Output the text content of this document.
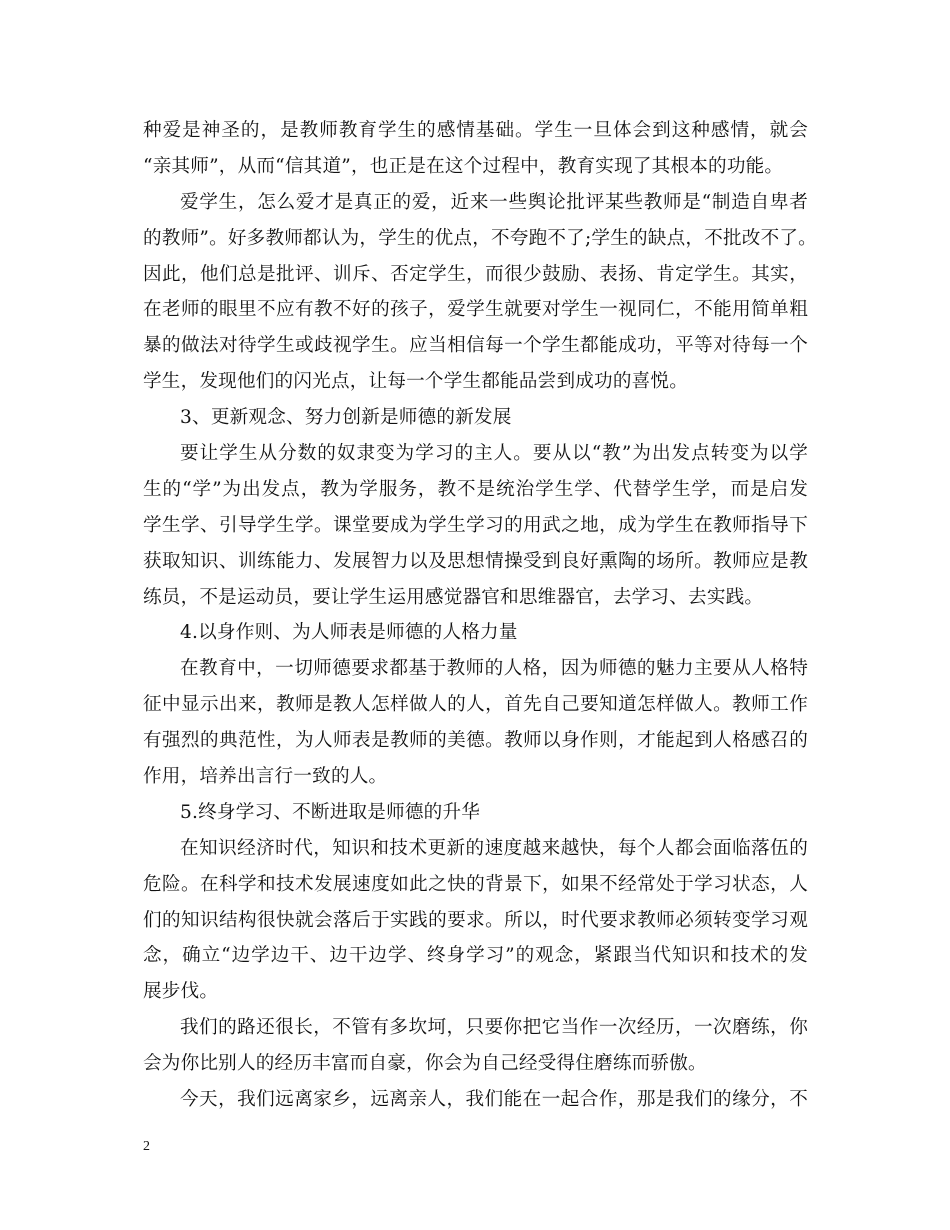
种爱是神圣的，是教师教育学生的感情基础。学生一旦体会到这种感情，就会
“亲其师”，从而“信其道”，也正是在这个过程中，教育实现了其根本的功能。
爱学生，怎么爱才是真正的爱，近来一些舆论批评某些教师是“制造自卑者
的教师”。好多教师都认为，学生的优点，不夸跑不了;学生的缺点，不批改不了。
因此，他们总是批评、训斥、否定学生，而很少鼓励、表扬、肯定学生。其实，
在老师的眼里不应有教不好的孩子，爱学生就要对学生一视同仁，不能用简单粗
暴的做法对待学生或歧视学生。应当相信每一个学生都能成功，平等对待每一个
学生，发现他们的闪光点，让每一个学生都能品尝到成功的喜悦。
3、更新观念、努力创新是师德的新发展
要让学生从分数的奴隶变为学习的主人。要从以“教”为出发点转变为以学
生的“学”为出发点，教为学服务，教不是统治学生学、代替学生学，而是启发
学生学、引导学生学。课堂要成为学生学习的用武之地，成为学生在教师指导下
获取知识、训练能力、发展智力以及思想情操受到良好熏陶的场所。教师应是教
练员，不是运动员，要让学生运用感觉器官和思维器官，去学习、去实践。
4.以身作则、为人师表是师德的人格力量
在教育中，一切师德要求都基于教师的人格，因为师德的魅力主要从人格特
征中显示出来，教师是教人怎样做人的人，首先自己要知道怎样做人。教师工作
有强烈的典范性，为人师表是教师的美德。教师以身作则，才能起到人格感召的
作用，培养出言行一致的人。
5.终身学习、不断进取是师德的升华
在知识经济时代，知识和技术更新的速度越来越快，每个人都会面临落伍的
危险。在科学和技术发展速度如此之快的背景下，如果不经常处于学习状态，人
们的知识结构很快就会落后于实践的要求。所以，时代要求教师必须转变学习观
念，确立“边学边干、边干边学、终身学习”的观念，紧跟当代知识和技术的发
展步伐。
我们的路还很长，不管有多坎坷，只要你把它当作一次经历，一次磨练，你
会为你比别人的经历丰富而自豪，你会为自己经受得住磨练而骄傲。
今天，我们远离家乡，远离亲人，我们能在一起合作，那是我们的缘分，不
2
